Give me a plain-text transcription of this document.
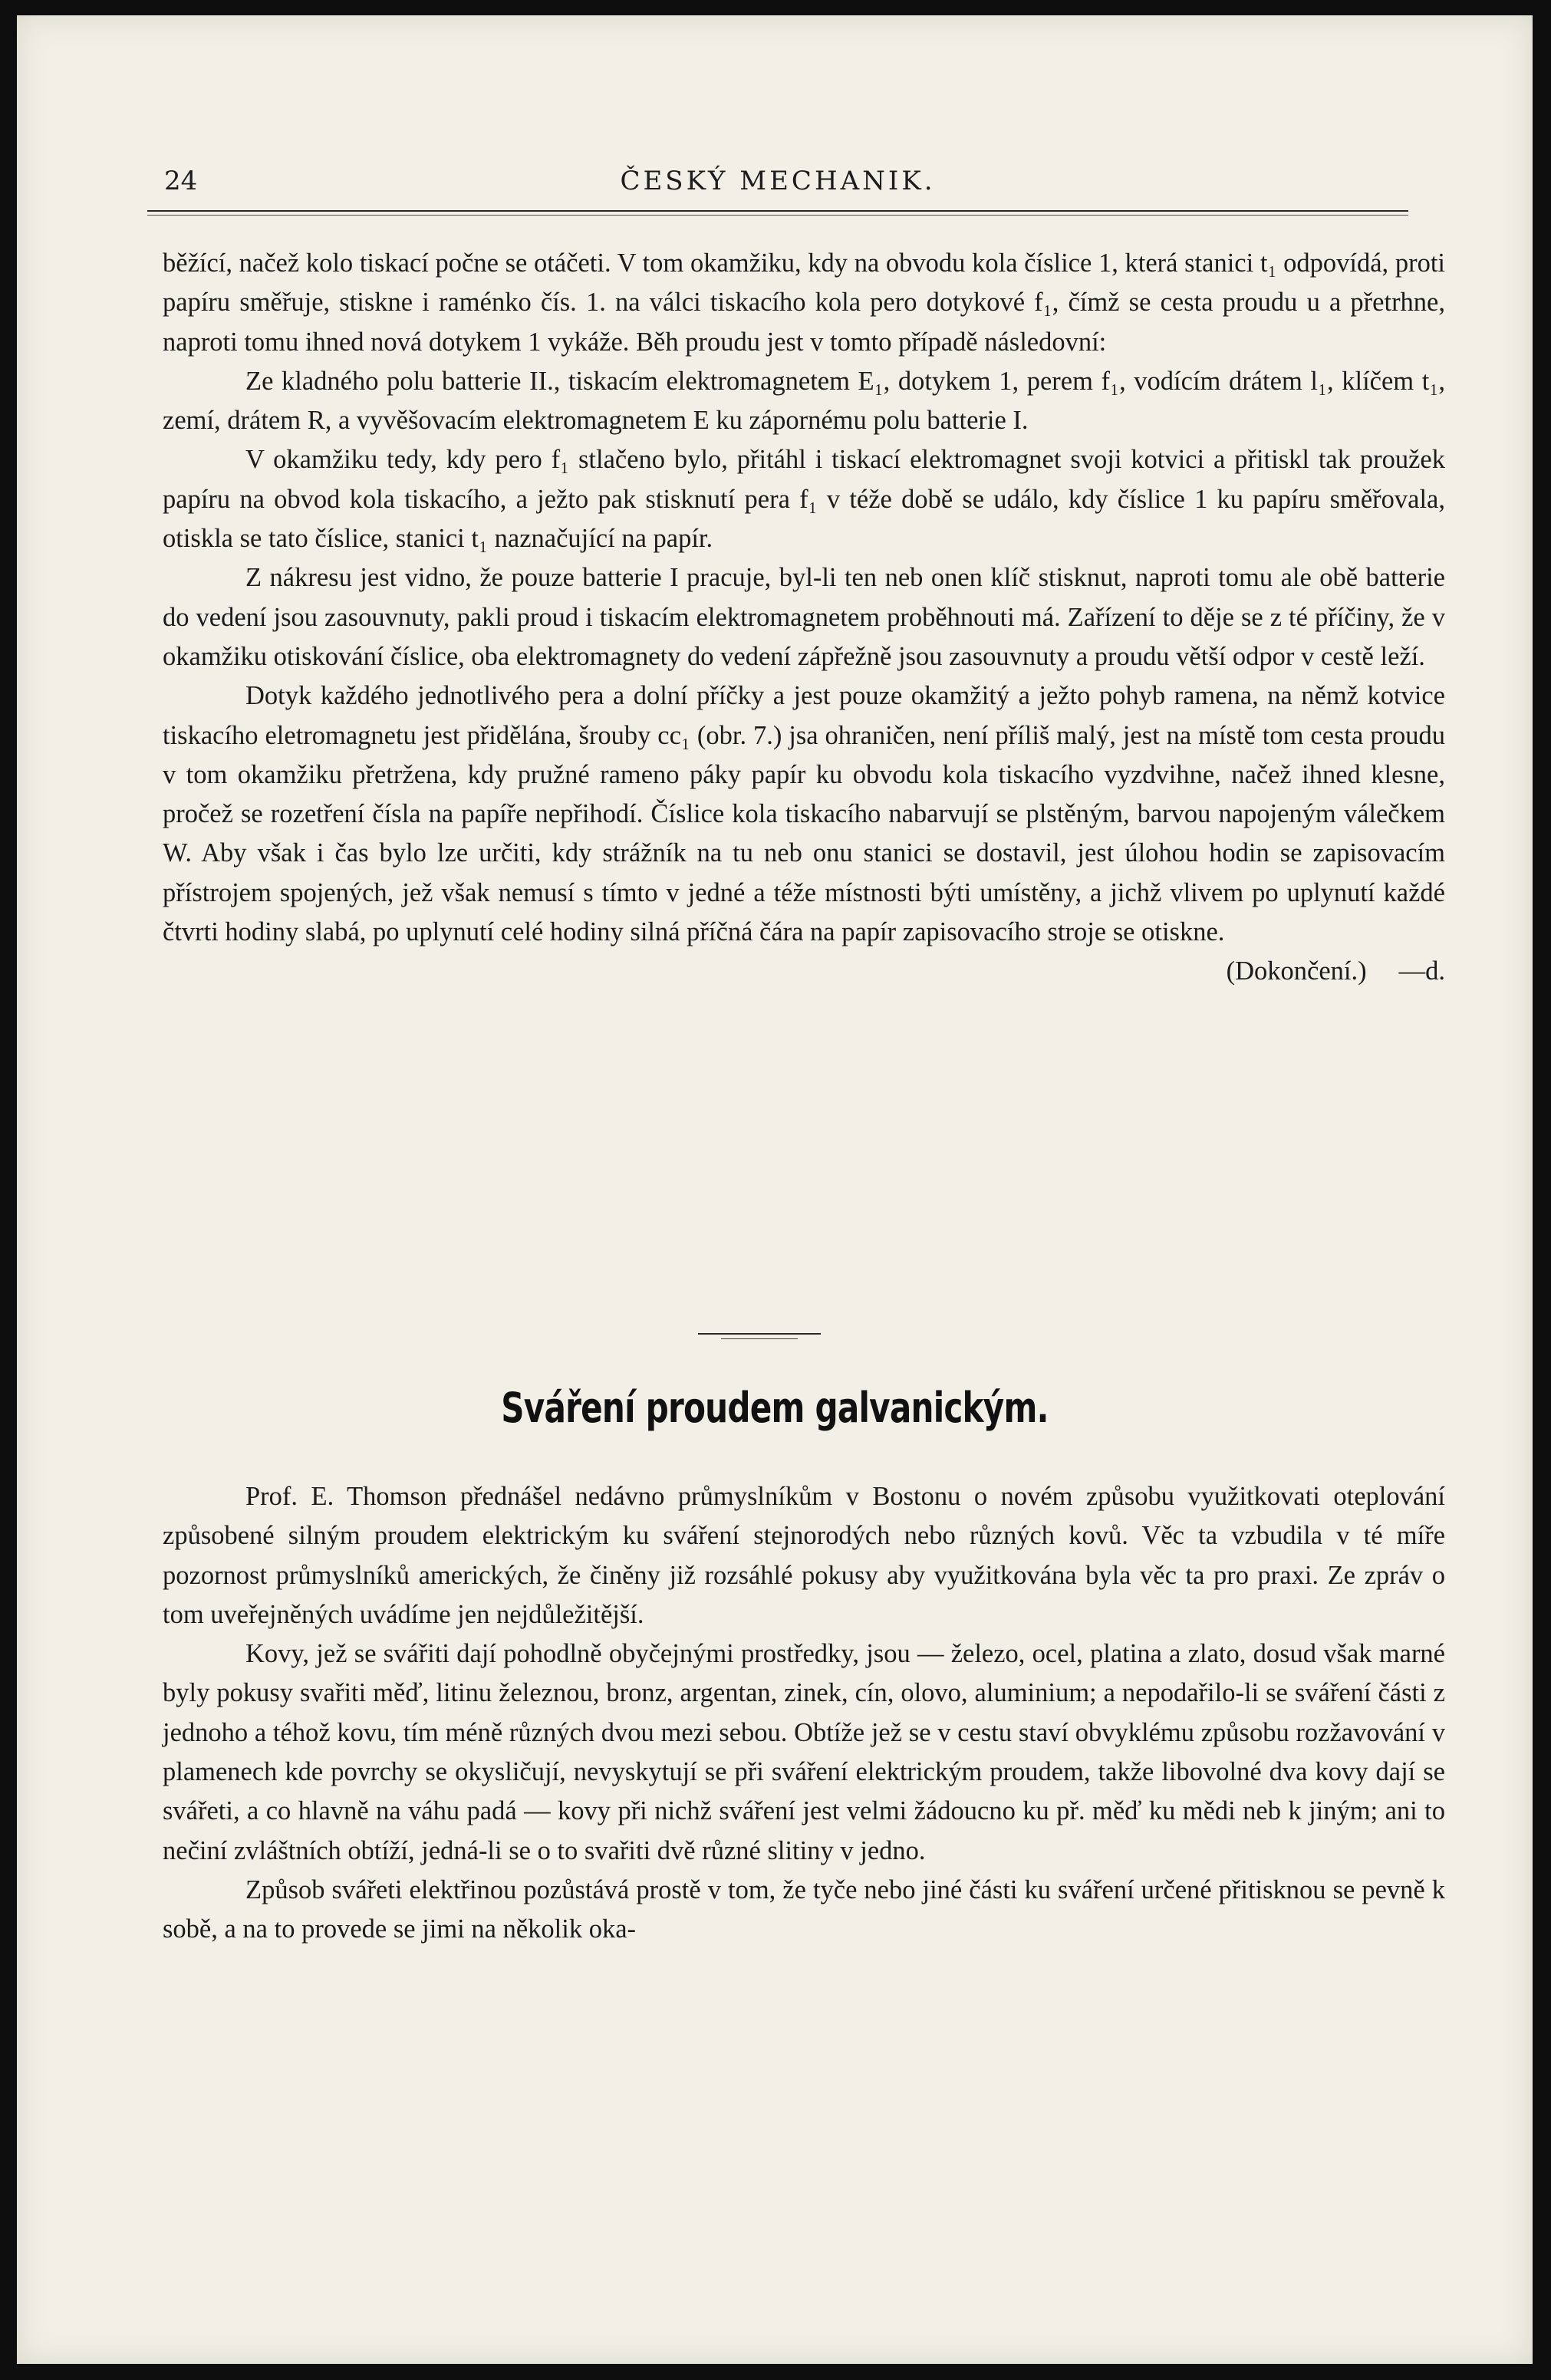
24	ČESKÝ MECHANIK.

běžící, načež kolo tiskací počne se otáčeti. V tom okamžiku, kdy na obvodu kola číslice 1, která stanici t₁ odpovídá, proti papíru směřuje, stiskne i raménko čís. 1. na válci tiskacího kola pero dotykové f₁, čímž se cesta proudu u a přetrhne, naproti tomu ihned nová dotykem 1 vykáže. Běh proudu jest v tomto případě následovní:

Ze kladného polu batterie II., tiskacím elektromagnetem E₁, dotykem 1, perem f₁, vodícím drátem l₁, klíčem t₁, zemí, drátem R, a vyvěšovacím elektromagnetem E ku zápornému polu batterie I.

V okamžiku tedy, kdy pero f₁ stlačeno bylo, přitáhl i tiskací elektromagnet svoji kotvici a přitiskl tak proužek papíru na obvod kola tiskacího, a ježto pak stisknutí pera f₁ v téže době se událo, kdy číslice 1 ku papíru směřovala, otiskla se tato číslice, stanici t₁ naznačující na papír.

Z nákresu jest vidno, že pouze batterie I pracuje, byl-li ten neb onen klíč stisknut, naproti tomu ale obě batterie do vedení jsou zasouvnuty, pakli proud i tiskacím elektromagnetem proběhnouti má. Zařízení to děje se z té příčiny, že v okamžiku otiskování číslice, oba elektromagnety do vedení zápřežně jsou zasouvnuty a proudu větší odpor v cestě leží.

Dotyk každého jednotlivého pera a dolní příčky a jest pouze okamžitý a ježto pohyb ramena, na němž kotvice tiskacího eletromagnetu jest přidělána, šrouby cc₁ (obr. 7.) jsa ohraničen, není příliš malý, jest na místě tom cesta proudu v tom okamžiku přetržena, kdy pružné rameno páky papír ku obvodu kola tiskacího vyzdvihne, načež ihned klesne, pročež se rozetření čísla na papíře nepřihodí. Číslice kola tiskacího nabarvují se plstěným, barvou napojeným válečkem W. Aby však i čas bylo lze určiti, kdy strážník na tu neb onu stanici se dostavil, jest úlohou hodin se zapisovacím přístrojem spojených, jež však nemusí s tímto v jedné a téže místnosti býti umístěny, a jichž vlivem po uplynutí každé čtvrti hodiny slabá, po uplynutí celé hodiny silná příčná čára na papír zapisovacího stroje se otiskne.

(Dokončení.) —d.
Sváření proudem galvanickým.

Prof. E. Thomson přednášel nedávno průmyslníkům v Bostonu o novém způsobu využitkovati oteplování způsobené silným proudem elektrickým ku sváření stejnorodých nebo různých kovů. Věc ta vzbudila v té míře pozornost průmyslníků amerických, že činěny již rozsáhlé pokusy aby využitkována byla věc ta pro praxi. Ze zpráv o tom uveřejněných uvádíme jen nejdůležitější.

Kovy, jež se svářiti dají pohodlně obyčejnými prostředky, jsou — železo, ocel, platina a zlato, dosud však marné byly pokusy svařiti měď, litinu železnou, bronz, argentan, zinek, cín, olovo, aluminium; a nepodařilo-li se sváření části z jednoho a téhož kovu, tím méně různých dvou mezi sebou. Obtíže jež se v cestu staví obvyklému způsobu rozžavování v plamenech kde povrchy se okysličují, nevyskytují se při sváření elektrickým proudem, takže libovolné dva kovy dají se svářeti, a co hlavně na váhu padá — kovy při nichž sváření jest velmi žádoucno ku př. měď ku mědi neb k jiným; ani to nečiní zvláštních obtíží, jedná-li se o to svařiti dvě různé slitiny v jedno.

Způsob svářeti elektřinou pozůstává prostě v tom, že tyče nebo jiné části ku sváření určené přitisknou se pevně k sobě, a na to provede se jimi na několik oka-
